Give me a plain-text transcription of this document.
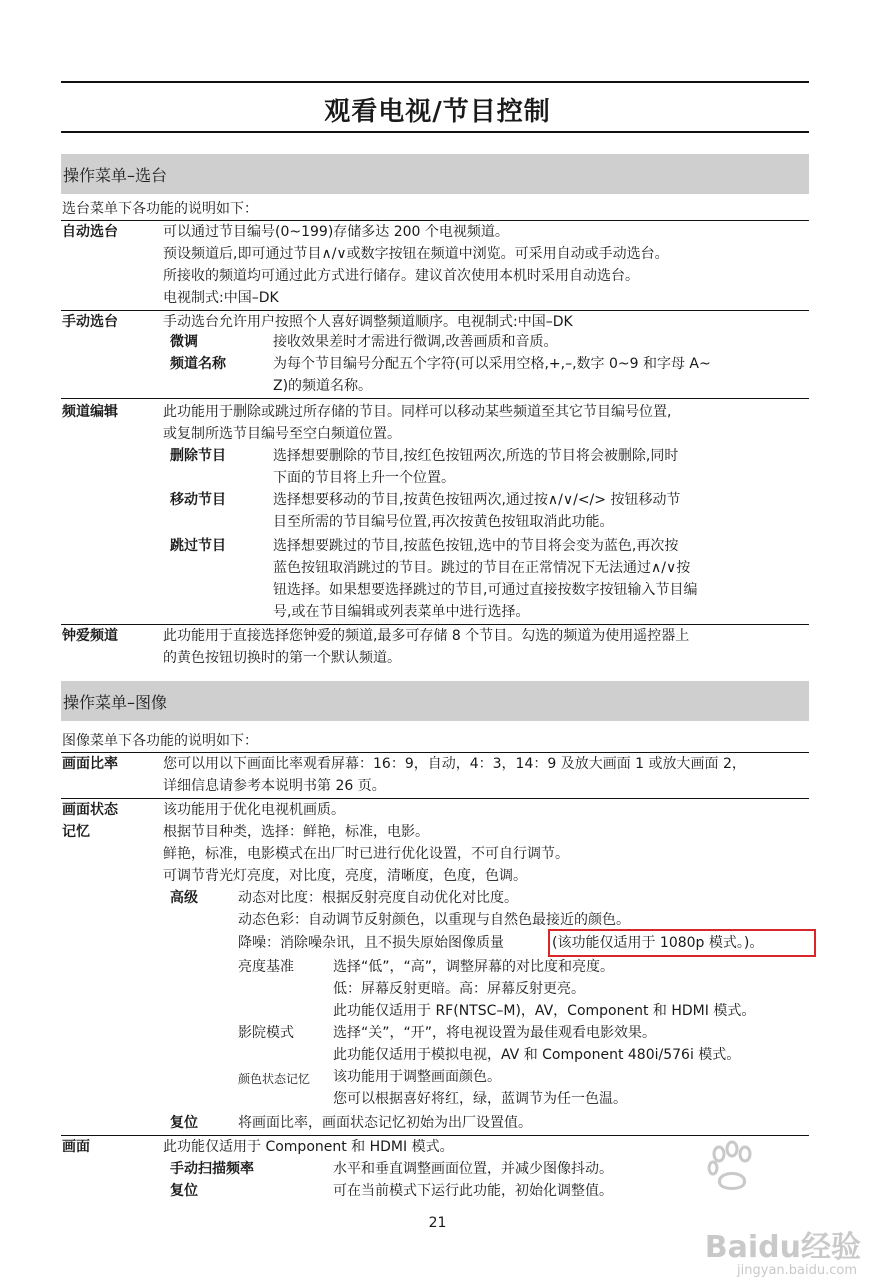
观看电视/节目控制
操作菜单–选台
选台菜单下各功能的说明如下：
自动选台	可以通过节目编号(0~199)存储多达 200 个电视频道。
预设频道后,即可通过节目∧/∨或数字按钮在频道中浏览。可采用自动或手动选台。
所接收的频道均可通过此方式进行储存。建议首次使用本机时采用自动选台。
电视制式:中国–DK
手动选台	手动选台允许用户按照个人喜好调整频道顺序。电视制式:中国–DK
微调	接收效果差时才需进行微调,改善画质和音质。
频道名称	为每个节目编号分配五个字符(可以采用空格,+,–,数字 0~9 和字母 A~
Z)的频道名称。
频道编辑	此功能用于删除或跳过所存储的节目。同样可以移动某些频道至其它节目编号位置,
或复制所选节目编号至空白频道位置。
删除节目	选择想要删除的节目,按红色按钮两次,所选的节目将会被删除,同时
下面的节目将上升一个位置。
移动节目	选择想要移动的节目,按黄色按钮两次,通过按∧/∨/</> 按钮移动节
目至所需的节目编号位置,再次按黄色按钮取消此功能。
跳过节目	选择想要跳过的节目,按蓝色按钮,选中的节目将会变为蓝色,再次按
蓝色按钮取消跳过的节目。跳过的节目在正常情况下无法通过∧/∨按
钮选择。如果想要选择跳过的节目,可通过直接按数字按钮输入节目编
号,或在节目编辑或列表菜单中进行选择。
钟爱频道	此功能用于直接选择您钟爱的频道,最多可存储 8 个节目。勾选的频道为使用遥控器上
的黄色按钮切换时的第一个默认频道。
操作菜单–图像
图像菜单下各功能的说明如下：
画面比率	您可以用以下画面比率观看屏幕：16：9，自动，4：3，14：9 及放大画面 1 或放大画面 2，
详细信息请参考本说明书第 26 页。
画面状态
记忆
该功能用于优化电视机画质。
根据节目种类，选择：鲜艳，标准，电影。
鲜艳，标准，电影模式在出厂时已进行优化设置，不可自行调节。
可调节背光灯亮度，对比度，亮度，清晰度，色度，色调。
高级	动态对比度：根据反射亮度自动优化对比度。
动态色彩：自动调节反射颜色，以重现与自然色最接近的颜色。
降噪：消除噪杂讯，且不损失原始图像质量	(该功能仅适用于 1080p 模式。)。
亮度基准	选择“低”，“高”，调整屏幕的对比度和亮度。
低：屏幕反射更暗。高：屏幕反射更亮。
此功能仅适用于 RF(NTSC–M)，AV，Component 和 HDMI 模式。
影院模式	选择“关”，“开”，将电视设置为最佳观看电影效果。
此功能仅适用于模拟电视，AV 和 Component 480i/576i 模式。
颜色状态记忆 该功能用于调整画面颜色。
您可以根据喜好将红，绿，蓝调节为任一色温。
复位	将画面比率，画面状态记忆初始为出厂设置值。
画面	此功能仅适用于 Component 和 HDMI 模式。
手动扫描频率	水平和垂直调整画面位置，并减少图像抖动。
复位	可在当前模式下运行此功能，初始化调整值。
21
Baidu经验
jingyan.baidu.com
